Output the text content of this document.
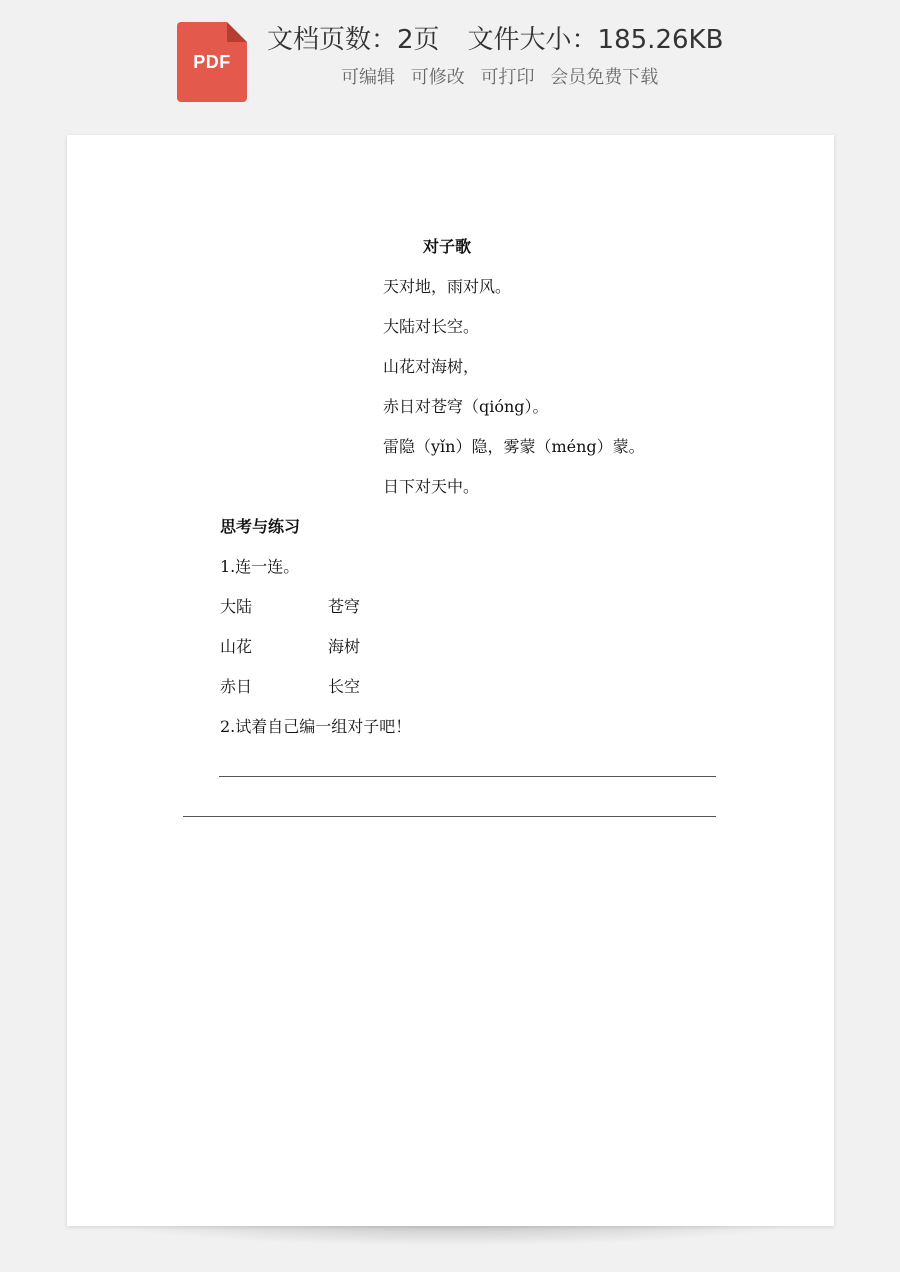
PDF
文档页数：2页 文件大小：185.26KB
可编辑 可修改 可打印 会员免费下载
对子歌
天对地，雨对风。
大陆对长空。
山花对海树，
赤日对苍穹（qióng）。
雷隐（yǐn）隐，雾蒙（méng）蒙。
日下对天中。
思考与练习
1.连一连。
大陆	苍穹
山花	海树
赤日	长空
2.试着自己编一组对子吧！
